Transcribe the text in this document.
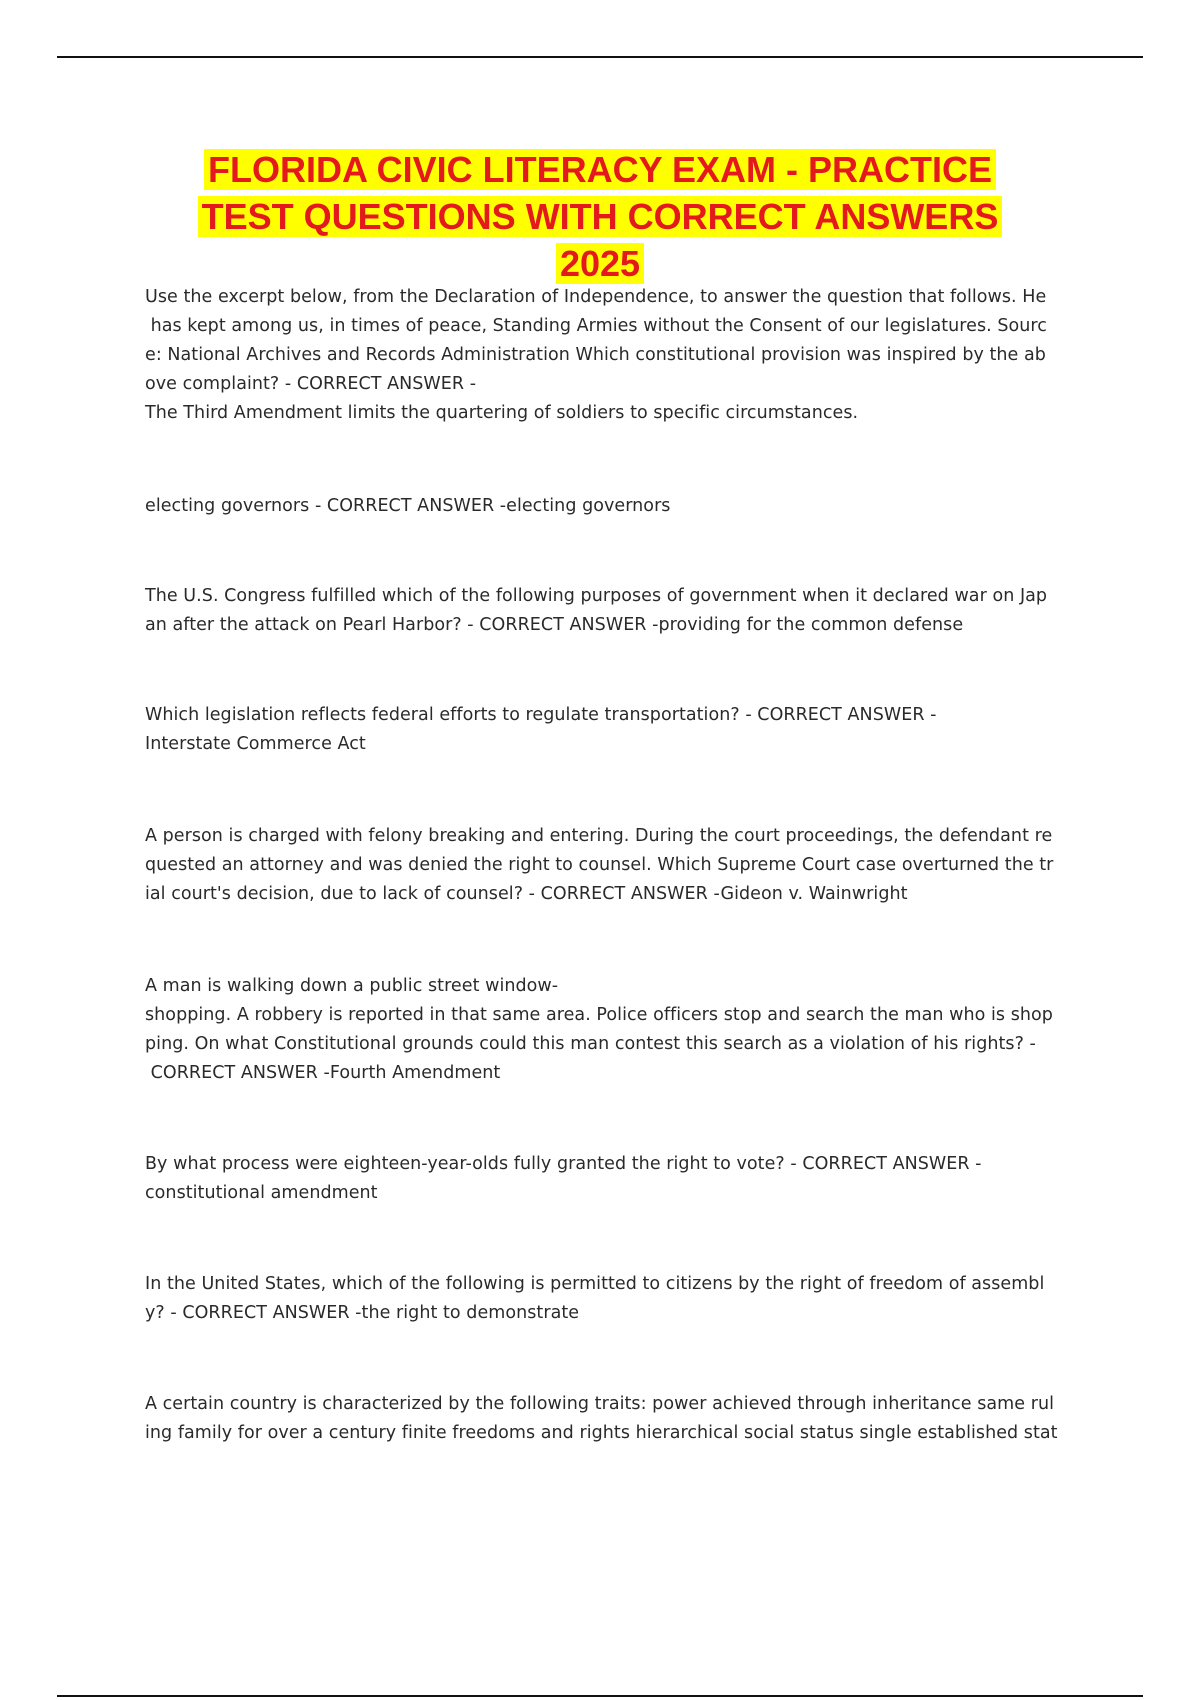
FLORIDA CIVIC LITERACY EXAM - PRACTICE
TEST QUESTIONS WITH CORRECT ANSWERS
2025
Use the excerpt below, from the Declaration of Independence, to answer the question that follows. He
has kept among us, in times of peace, Standing Armies without the Consent of our legislatures. Sourc
e: National Archives and Records Administration Which constitutional provision was inspired by the ab
ove complaint? - CORRECT ANSWER -
The Third Amendment limits the quartering of soldiers to specific circumstances.
electing governors - CORRECT ANSWER -electing governors
The U.S. Congress fulfilled which of the following purposes of government when it declared war on Jap
an after the attack on Pearl Harbor? - CORRECT ANSWER -providing for the common defense
Which legislation reflects federal efforts to regulate transportation? - CORRECT ANSWER -
Interstate Commerce Act
A person is charged with felony breaking and entering. During the court proceedings, the defendant re
quested an attorney and was denied the right to counsel. Which Supreme Court case overturned the tr
ial court's decision, due to lack of counsel? - CORRECT ANSWER -Gideon v. Wainwright
A man is walking down a public street window-
shopping. A robbery is reported in that same area. Police officers stop and search the man who is shop
ping. On what Constitutional grounds could this man contest this search as a violation of his rights? -
CORRECT ANSWER -Fourth Amendment
By what process were eighteen-year-olds fully granted the right to vote? - CORRECT ANSWER -
constitutional amendment
In the United States, which of the following is permitted to citizens by the right of freedom of assembl
y? - CORRECT ANSWER -the right to demonstrate
A certain country is characterized by the following traits: power achieved through inheritance same rul
ing family for over a century finite freedoms and rights hierarchical social status single established stat
